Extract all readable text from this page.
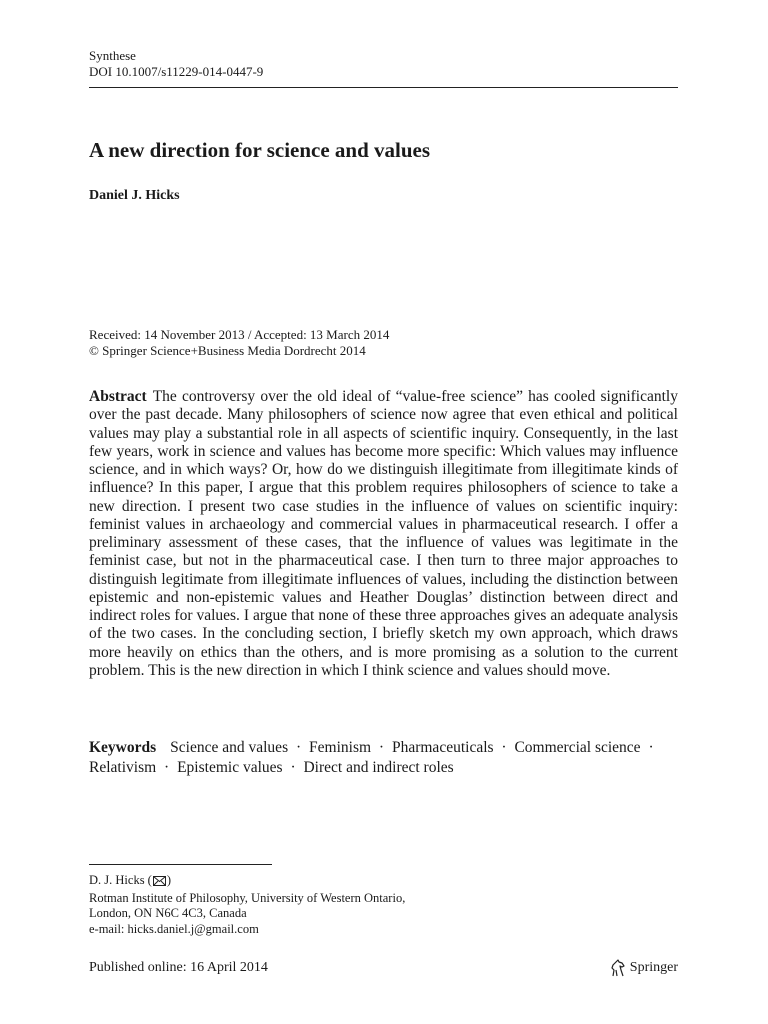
Synthese
DOI 10.1007/s11229-014-0447-9
A new direction for science and values
Daniel J. Hicks
Received: 14 November 2013 / Accepted: 13 March 2014
© Springer Science+Business Media Dordrecht 2014

Abstract The controversy over the old ideal of “value-free science” has cooled significantly over the past decade. Many philosophers of science now agree that even ethical and political values may play a substantial role in all aspects of scientific inquiry. Consequently, in the last few years, work in science and values has become more specific: Which values may influence science, and in which ways? Or, how do we distinguish illegitimate from illegitimate kinds of influence? In this paper, I argue that this problem requires philosophers of science to take a new direction. I present two case studies in the influence of values on scientific inquiry: feminist values in archaeology and commercial values in pharmaceutical research. I offer a preliminary assessment of these cases, that the influence of values was legitimate in the feminist case, but not in the pharmaceutical case. I then turn to three major approaches to distinguish legitimate from illegitimate influences of values, including the distinction between epistemic and non-epistemic values and Heather Douglas’ distinction between direct and indirect roles for values. I argue that none of these three approaches gives an adequate analysis of the two cases. In the concluding section, I briefly sketch my own approach, which draws more heavily on ethics than the others, and is more promising as a solution to the current problem. This is the new direction in which I think science and values should move.

Keywords Science and values · Feminism · Pharmaceuticals · Commercial science · Relativism · Epistemic values · Direct and indirect roles
D. J. Hicks ( )
Rotman Institute of Philosophy, University of Western Ontario,
London, ON N6C 4C3, Canada
e-mail: hicks.daniel.j@gmail.com
Published online: 16 April 2014	Springer
